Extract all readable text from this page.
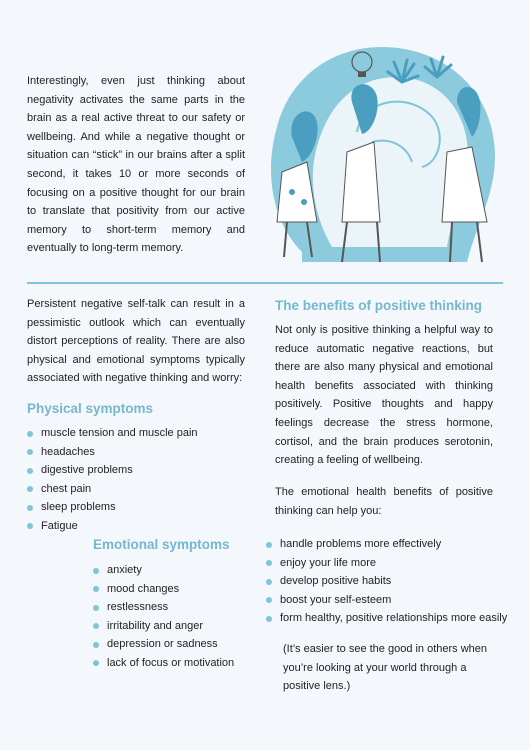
Interestingly, even just thinking about negativity activates the same parts in the brain as a real active threat to our safety or wellbeing. And while a negative thought or situation can “stick” in our brains after a split second, it takes 10 or more seconds of focusing on a positive thought for our brain to translate that positivity from our active memory to short-term memory and eventually to long-term memory.

Persistent negative self-talk can result in a pessimistic outlook which can eventually distort perceptions of reality. There are also physical and emotional symptoms typically associated with negative thinking and worry:

Physical symptoms
muscle tension and muscle pain
headaches
digestive problems
chest pain
sleep problems
Fatigue
Emotional symptoms
anxiety
mood changes
restlessness
irritability and anger
depression or sadness
lack of focus or motivation
The benefits of positive thinking

Not only is positive thinking a helpful way to reduce automatic negative reactions, but there are also many physical and emotional health benefits associated with thinking positively. Positive thoughts and happy feelings decrease the stress hormone, cortisol, and the brain produces serotonin, creating a feeling of wellbeing.

The emotional health benefits of positive thinking can help you:

handle problems more effectively
enjoy your life more
develop positive habits
boost your self-esteem
form healthy, positive relationships more easily

(It’s easier to see the good in others when you’re looking at your world through a positive lens.)
